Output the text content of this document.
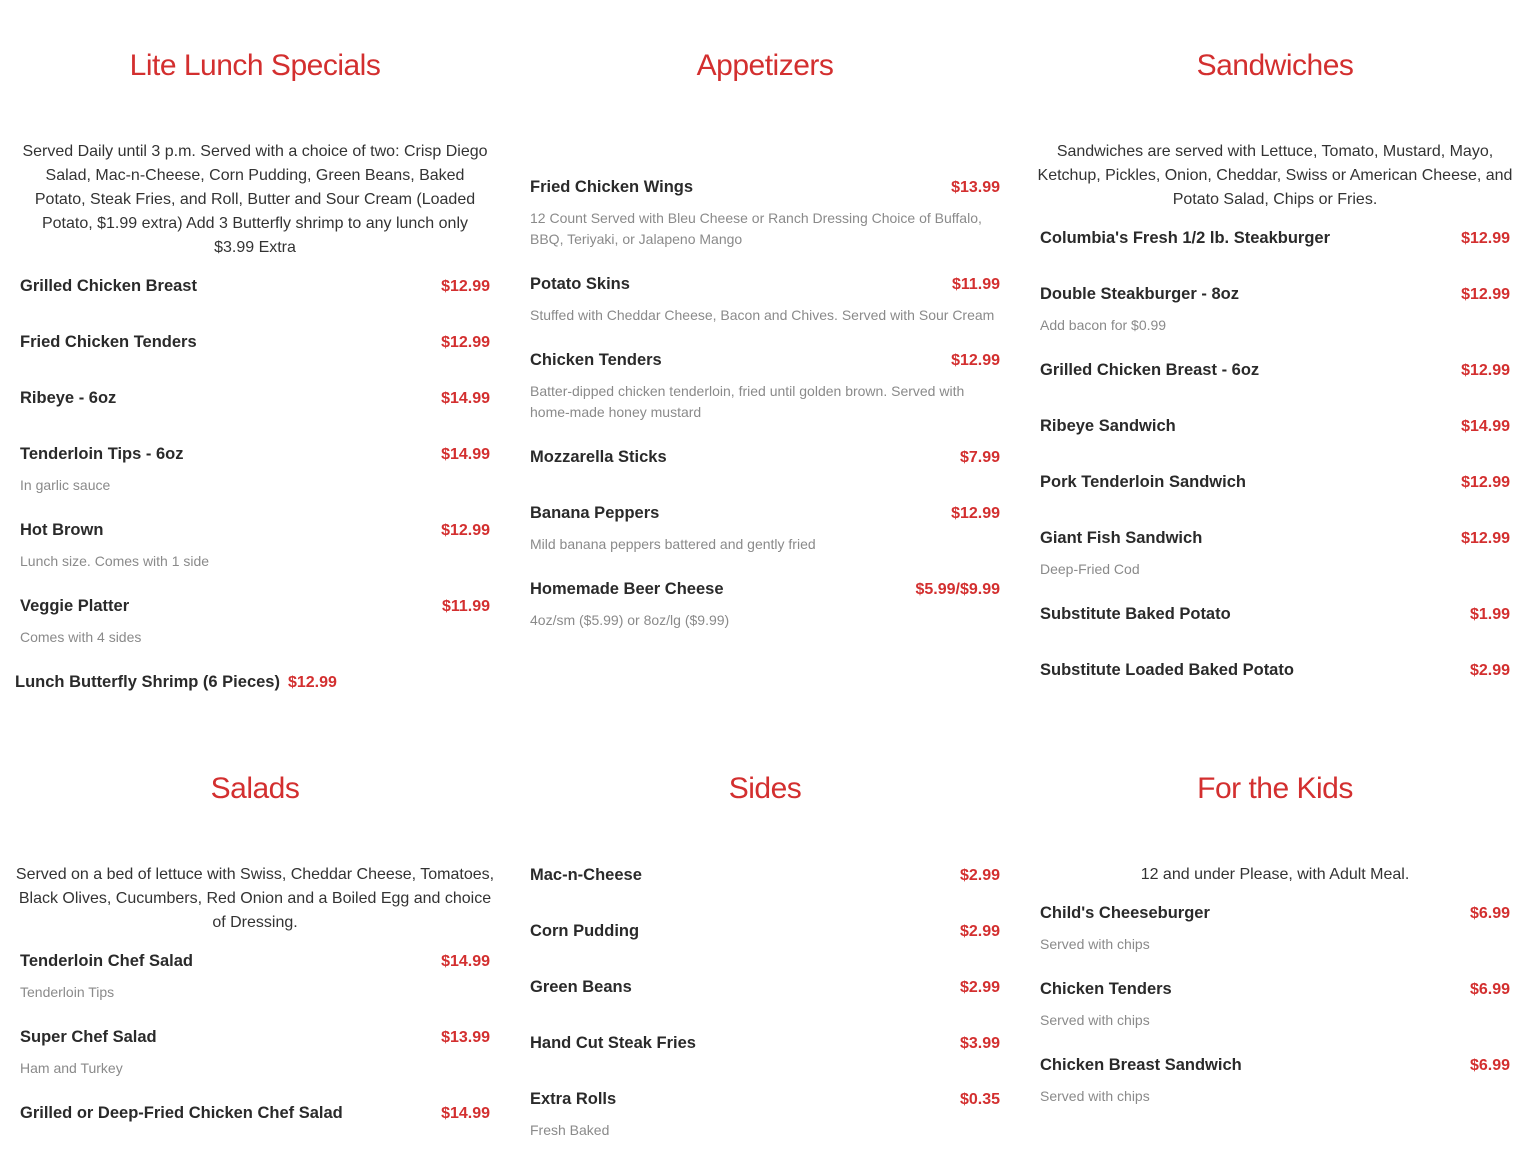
Lite Lunch Specials

Served Daily until 3 p.m. Served with a choice of two: Crisp Diego Salad, Mac-n-Cheese, Corn Pudding, Green Beans, Baked Potato, Steak Fries, and Roll, Butter and Sour Cream (Loaded Potato, $1.99 extra) Add 3 Butterfly shrimp to any lunch only $3.99 Extra

Grilled Chicken Breast	$12.99
Fried Chicken Tenders	$12.99
Ribeye - 6oz	$14.99
Tenderloin Tips - 6oz	$14.99
In garlic sauce
Hot Brown	$12.99
Lunch size. Comes with 1 side
Veggie Platter	$11.99
Comes with 4 sides
Lunch Butterfly Shrimp (6 Pieces) $12.99
Appetizers
Fried Chicken Wings	$13.99
12 Count Served with Bleu Cheese or Ranch Dressing Choice of Buffalo, BBQ, Teriyaki, or Jalapeno Mango
Potato Skins	$11.99
Stuffed with Cheddar Cheese, Bacon and Chives. Served with Sour Cream
Chicken Tenders	$12.99
Batter-dipped chicken tenderloin, fried until golden brown. Served with home-made honey mustard
Mozzarella Sticks	$7.99
Banana Peppers	$12.99
Mild banana peppers battered and gently fried
Homemade Beer Cheese	$5.99/$9.99
4oz/sm ($5.99) or 8oz/lg ($9.99)
Sandwiches

Sandwiches are served with Lettuce, Tomato, Mustard, Mayo, Ketchup, Pickles, Onion, Cheddar, Swiss or American Cheese, and Potato Salad, Chips or Fries.

Columbia's Fresh 1/2 lb. Steakburger	$12.99
Double Steakburger - 8oz	$12.99
Add bacon for $0.99
Grilled Chicken Breast - 6oz	$12.99
Ribeye Sandwich	$14.99
Pork Tenderloin Sandwich	$12.99
Giant Fish Sandwich	$12.99
Deep-Fried Cod
Substitute Baked Potato	$1.99
Substitute Loaded Baked Potato	$2.99
Salads

Served on a bed of lettuce with Swiss, Cheddar Cheese, Tomatoes, Black Olives, Cucumbers, Red Onion and a Boiled Egg and choice of Dressing.

Tenderloin Chef Salad	$14.99
Tenderloin Tips
Super Chef Salad	$13.99
Ham and Turkey
Grilled or Deep-Fried Chicken Chef Salad	$14.99
Sides
Mac-n-Cheese	$2.99
Corn Pudding	$2.99
Green Beans	$2.99
Hand Cut Steak Fries	$3.99
Extra Rolls	$0.35
Fresh Baked
For the Kids

12 and under Please, with Adult Meal.

Child's Cheeseburger	$6.99
Served with chips
Chicken Tenders	$6.99
Served with chips
Chicken Breast Sandwich	$6.99
Served with chips
